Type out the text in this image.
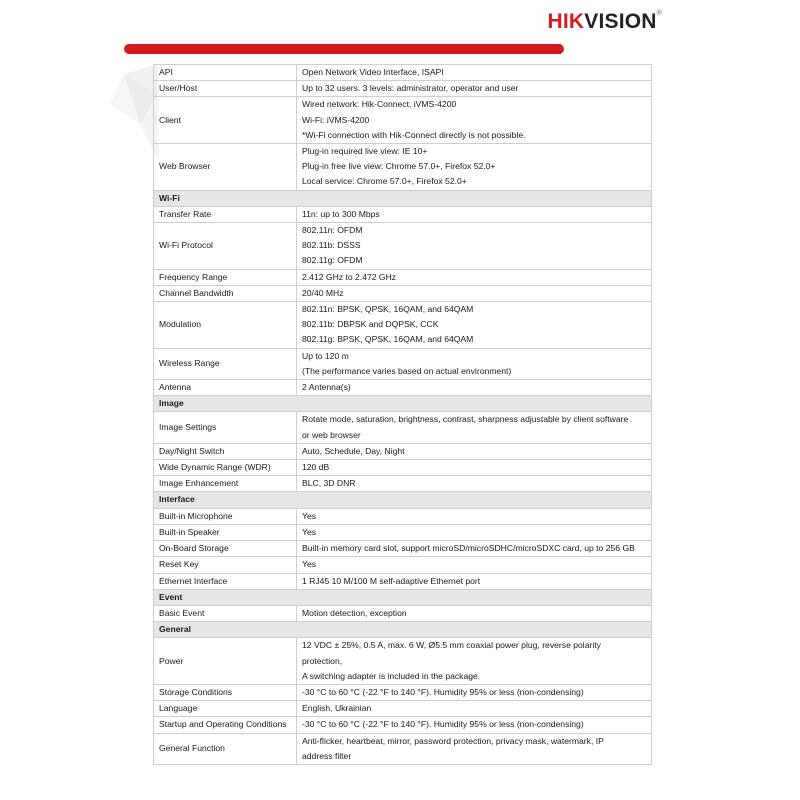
HIKVISION®
API	Open Network Video Interface, ISAPI

User/Host	Up to 32 users. 3 levels: administrator, operator and user

Client	Wired network: Hik-Connect, iVMS-4200
Wi-Fi: iVMS-4200
*Wi-Fi connection with Hik-Connect directly is not possible.

Web Browser	Plug-in required live view: IE 10+
Plug-in free live view: Chrome 57.0+, Firefox 52.0+
Local service: Chrome 57.0+, Firefox 52.0+

Wi-Fi	
Transfer Rate	11n: up to 300 Mbps

Wi-Fi Protocol	802.11n: OFDM
802.11b: DSSS
802.11g: OFDM

Frequency Range	2.412 GHz to 2.472 GHz

Channel Bandwidth	20/40 MHz

Modulation	802.11n: BPSK, QPSK, 16QAM, and 64QAM
802.11b: DBPSK and DQPSK, CCK
802.11g: BPSK, QPSK, 16QAM, and 64QAM

Wireless Range	Up to 120 m
(The performance varies based on actual environment)

Antenna	2 Antenna(s)

Image	
Image Settings	Rotate mode, saturation, brightness, contrast, sharpness adjustable by client software
or web browser

Day/Night Switch	Auto, Schedule, Day, Night

Wide Dynamic Range (WDR)	120 dB

Image Enhancement	BLC, 3D DNR

Interface	
Built-in Microphone	Yes

Built-in Speaker	Yes

On-Board Storage	Built-in memory card slot, support microSD/microSDHC/microSDXC card, up to 256 GB

Reset Key	Yes

Ethernet Interface	1 RJ45 10 M/100 M self-adaptive Ethernet port

Event	
Basic Event	Motion detection, exception

General	
Power	12 VDC ± 25%, 0.5 A, max. 6 W, Ø5.5 mm coaxial power plug, reverse polarity
protection,
A switching adapter is included in the package.

Storage Conditions	-30 °C to 60 °C (-22 °F to 140 °F). Humidity 95% or less (non-condensing)

Language	English, Ukrainian

Startup and Operating Conditions	-30 °C to 60 °C (-22 °F to 140 °F). Humidity 95% or less (non-condensing)

General Function	Anti-flicker, heartbeat, mirror, password protection, privacy mask, watermark, IP
address filter
